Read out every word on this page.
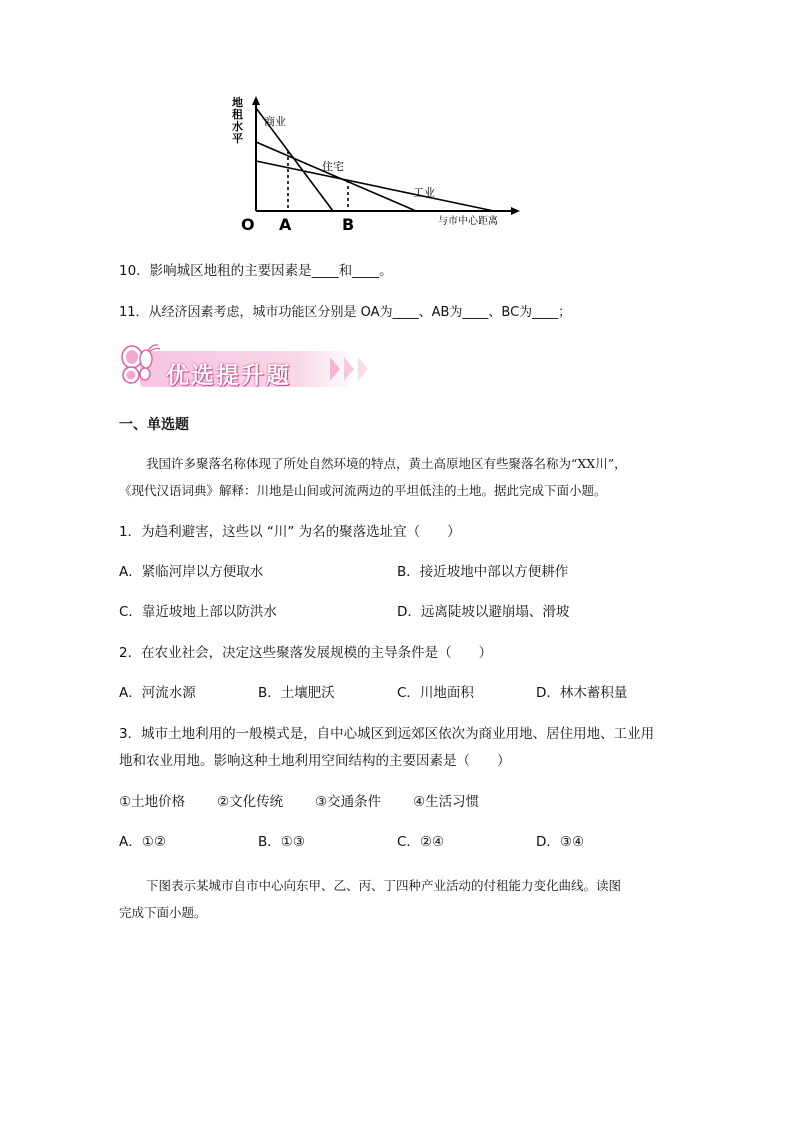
地
租
水
平
商业
住宅
工业
O A	B	与市中心距离
10．影响城区地租的主要因素是____和____。
11．从经济因素考虑，城市功能区分别是 OA为____、AB为____、BC为____；
优选提升题
一、单选题
我国许多聚落名称体现了所处自然环境的特点，黄土高原地区有些聚落名称为“XX川”，
《现代汉语词典》解释：川地是山间或河流两边的平坦低洼的土地。据此完成下面小题。
1．为趋利避害，这些以 “川” 为名的聚落选址宜（　　）
A．紧临河岸以方便取水	B．接近坡地中部以方便耕作
C．靠近坡地上部以防洪水	D．远离陡坡以避崩塌、滑坡
2．在农业社会，决定这些聚落发展规模的主导条件是（　　）
A．河流水源	B．土壤肥沃	C．川地面积	D．林木蓄积量
3．城市土地利用的一般模式是，自中心城区到远郊区依次为商业用地、居住用地、工业用
地和农业用地。影响这种土地利用空间结构的主要因素是（　　）
①土地价格 ②文化传统 ③交通条件 ④生活习惯
A．①②	B．①③	C．②④	D．③④
下图表示某城市自市中心向东甲、乙、丙、丁四种产业活动的付租能力变化曲线。读图
完成下面小题。
